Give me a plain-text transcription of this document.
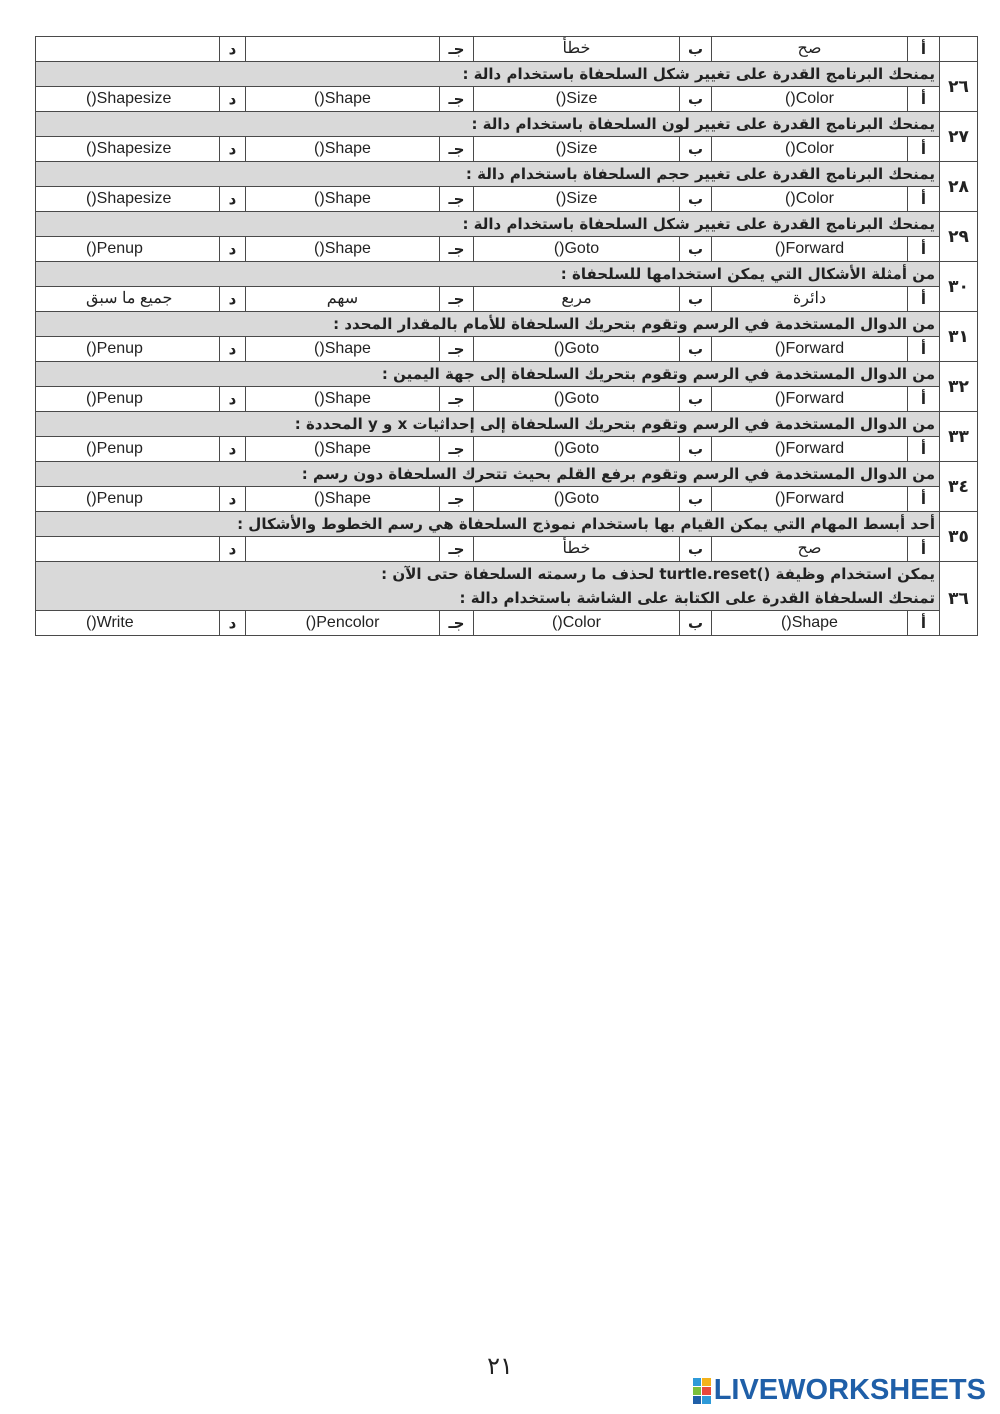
	أ	صح	ب	خطأ	جـ		د	
٢٦	يمنحك البرنامج القدرة على تغيير شكل السلحفاة باستخدام دالة :							

	أ	Color()	ب	Size()	جـ	Shape()	د	Shapesize()
٢٧	يمنحك البرنامج القدرة على تغيير لون السلحفاة باستخدام دالة :							

	أ	Color()	ب	Size()	جـ	Shape()	د	Shapesize()
٢٨	يمنحك البرنامج القدرة على تغيير حجم السلحفاة باستخدام دالة :							

	أ	Color()	ب	Size()	جـ	Shape()	د	Shapesize()
٢٩	يمنحك البرنامج القدرة على تغيير شكل السلحفاة باستخدام دالة :							

	أ	Forward()	ب	Goto()	جـ	Shape()	د	Penup()
٣٠	من أمثلة الأشكال التي يمكن استخدامها للسلحفاة :							

	أ	دائرة	ب	مربع	جـ	سهم	د	جميع ما سبق
٣١	من الدوال المستخدمة في الرسم وتقوم بتحريك السلحفاة للأمام بالمقدار المحدد :							

	أ	Forward()	ب	Goto()	جـ	Shape()	د	Penup()
٣٢	من الدوال المستخدمة في الرسم وتقوم بتحريك السلحفاة إلى جهة اليمين :							

	أ	Forward()	ب	Goto()	جـ	Shape()	د	Penup()
٣٣	من الدوال المستخدمة في الرسم وتقوم بتحريك السلحفاة إلى إحداثيات x و y المحددة :							

	أ	Forward()	ب	Goto()	جـ	Shape()	د	Penup()
٣٤	من الدوال المستخدمة في الرسم وتقوم برفع القلم بحيث تتحرك السلحفاة دون رسم :							

	أ	Forward()	ب	Goto()	جـ	Shape()	د	Penup()
٣٥	أحد أبسط المهام التي يمكن القيام بها باستخدام نموذج السلحفاة هي رسم الخطوط والأشكال :							

	أ	صح	ب	خطأ	جـ		د	
٣٦	يمكن استخدام وظيفة ()turtle.reset لحذف ما رسمته السلحفاة حتى الآن :
تمنحك السلحفاة القدرة على الكتابة على الشاشة باستخدام دالة :							

	أ	Shape()	ب	Color()	جـ	Pencolor()	د	Write()
٢١
LIVEWORKSHEETS
